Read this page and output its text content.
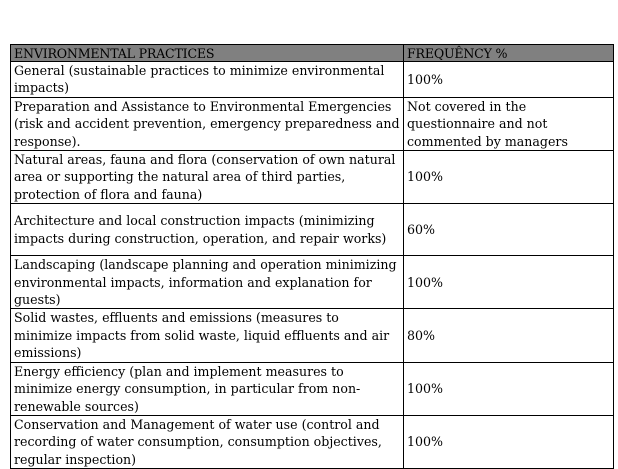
ENVIRONMENTAL PRACTICES	FREQUÊNCY %
General (sustainable practices to minimize environmental impacts)	100%
Preparation and Assistance to Environmental Emergencies (risk and accident prevention, emergency preparedness and response).	Not covered in the questionnaire and not commented by managers
Natural areas, fauna and flora (conservation of own natural area or supporting the natural area of third parties, protection of flora and fauna)	100%
Architecture and local construction impacts (minimizing impacts during construction, operation, and repair works)	60%
Landscaping (landscape planning and operation minimizing environmental impacts, information and explanation for guests)	100%
Solid wastes, effluents and emissions (measures to minimize impacts from solid waste, liquid effluents and air emissions)	80%
Energy efficiency (plan and implement measures to minimize energy consumption, in particular from non-renewable sources)	100%
Conservation and Management of water use (control and recording of water consumption, consumption objectives, regular inspection)	100%
